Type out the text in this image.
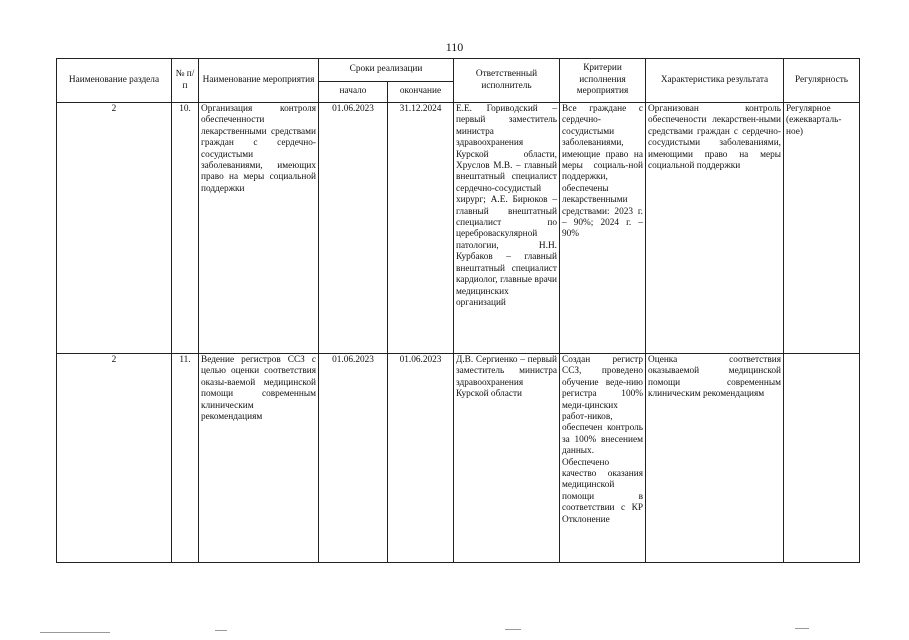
110
Наименование раздела	№ п/п	Наименование мероприятия	Сроки реализации		Ответственный исполнитель	Критерии исполнения мероприятия	Характеристика результата	Регулярность
			начало	окончание				
2	10.	Организация контроля обеспеченности лекарственными средствами граждан с сердечно-сосудистыми заболеваниями, имеющих право на меры социальной поддержки	01.06.2023	31.12.2024	Е.Е. Гоpивoдский – первый заместитель министра здравоохранения Курской области, Хруслов М.В. – главный внештатный специалист сердечно-сосудистый хирург; А.Е. Бирюков – главный внештатный специалист по цереброваскулярной патологии, Н.Н. Курбаков – главный внештатный специалист кардиолог, главные врачи медицинских организаций	Все граждане с сердечно-сосудистыми заболеваниями, имеющие право на меры социаль-ной поддержки, обеспечены лекарственными средствами: 2023 г. – 90%; 2024 г. – 90%	Организован контроль обеспечености лекарствен-ными средствами граждан с сердечно-сосудистыми заболеваниями, имеющими право на меры социальной поддержки	Регулярное (ежекварталь-ное)
2	11.	Ведение регистров ССЗ с целью оценки соответствия оказы-ваемой медицинской помощи современным клиническим рекомендациям	01.06.2023	01.06.2023	Д.В. Сергиенко – первый заместитель министра здравоохранения Курской области	Создан регистр ССЗ, проведено обучение веде-нию регистра 100% меди-цинских работ-ников, обеспечен контроль за 100% внесением данных. Обеспечено качество оказания медицинской помощи в соответствии с КР Отклонение	Оценка соответствия оказываемой медицинской помощи современным клиническим рекомендациям	
